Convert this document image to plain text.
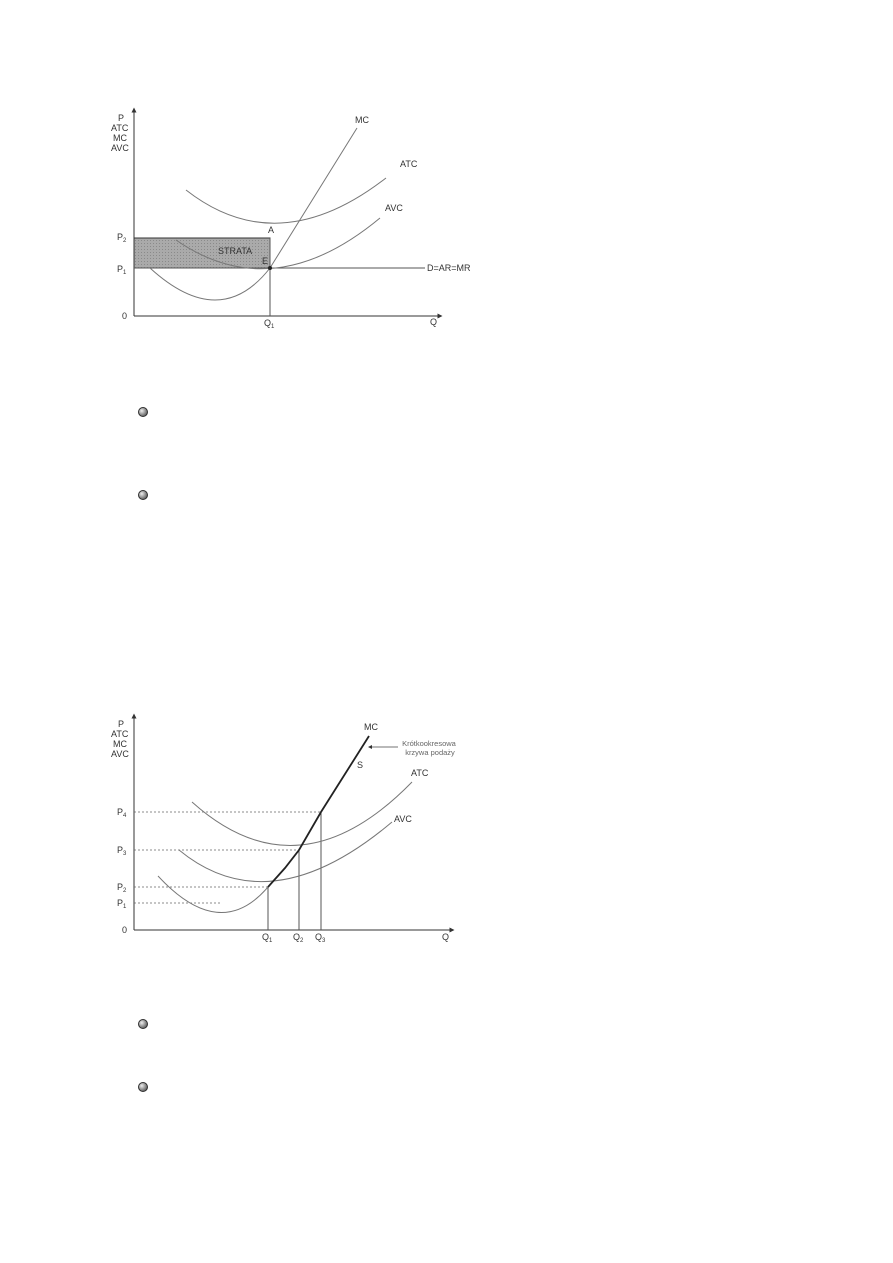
P ATC MC AVC
$P_2$
$P_1$
0
Q
$Q_1$
MC
ATC
AVC
D=AR=MR
A
E
STRATA
P ATC MC AVC
$P_4$
$P_3$
$P_2$
$P_1$
0
Q
$Q_1$ $Q_2$ $Q_3$
MC
S
ATC
AVC
Krótkookresowa krzywa podaży
